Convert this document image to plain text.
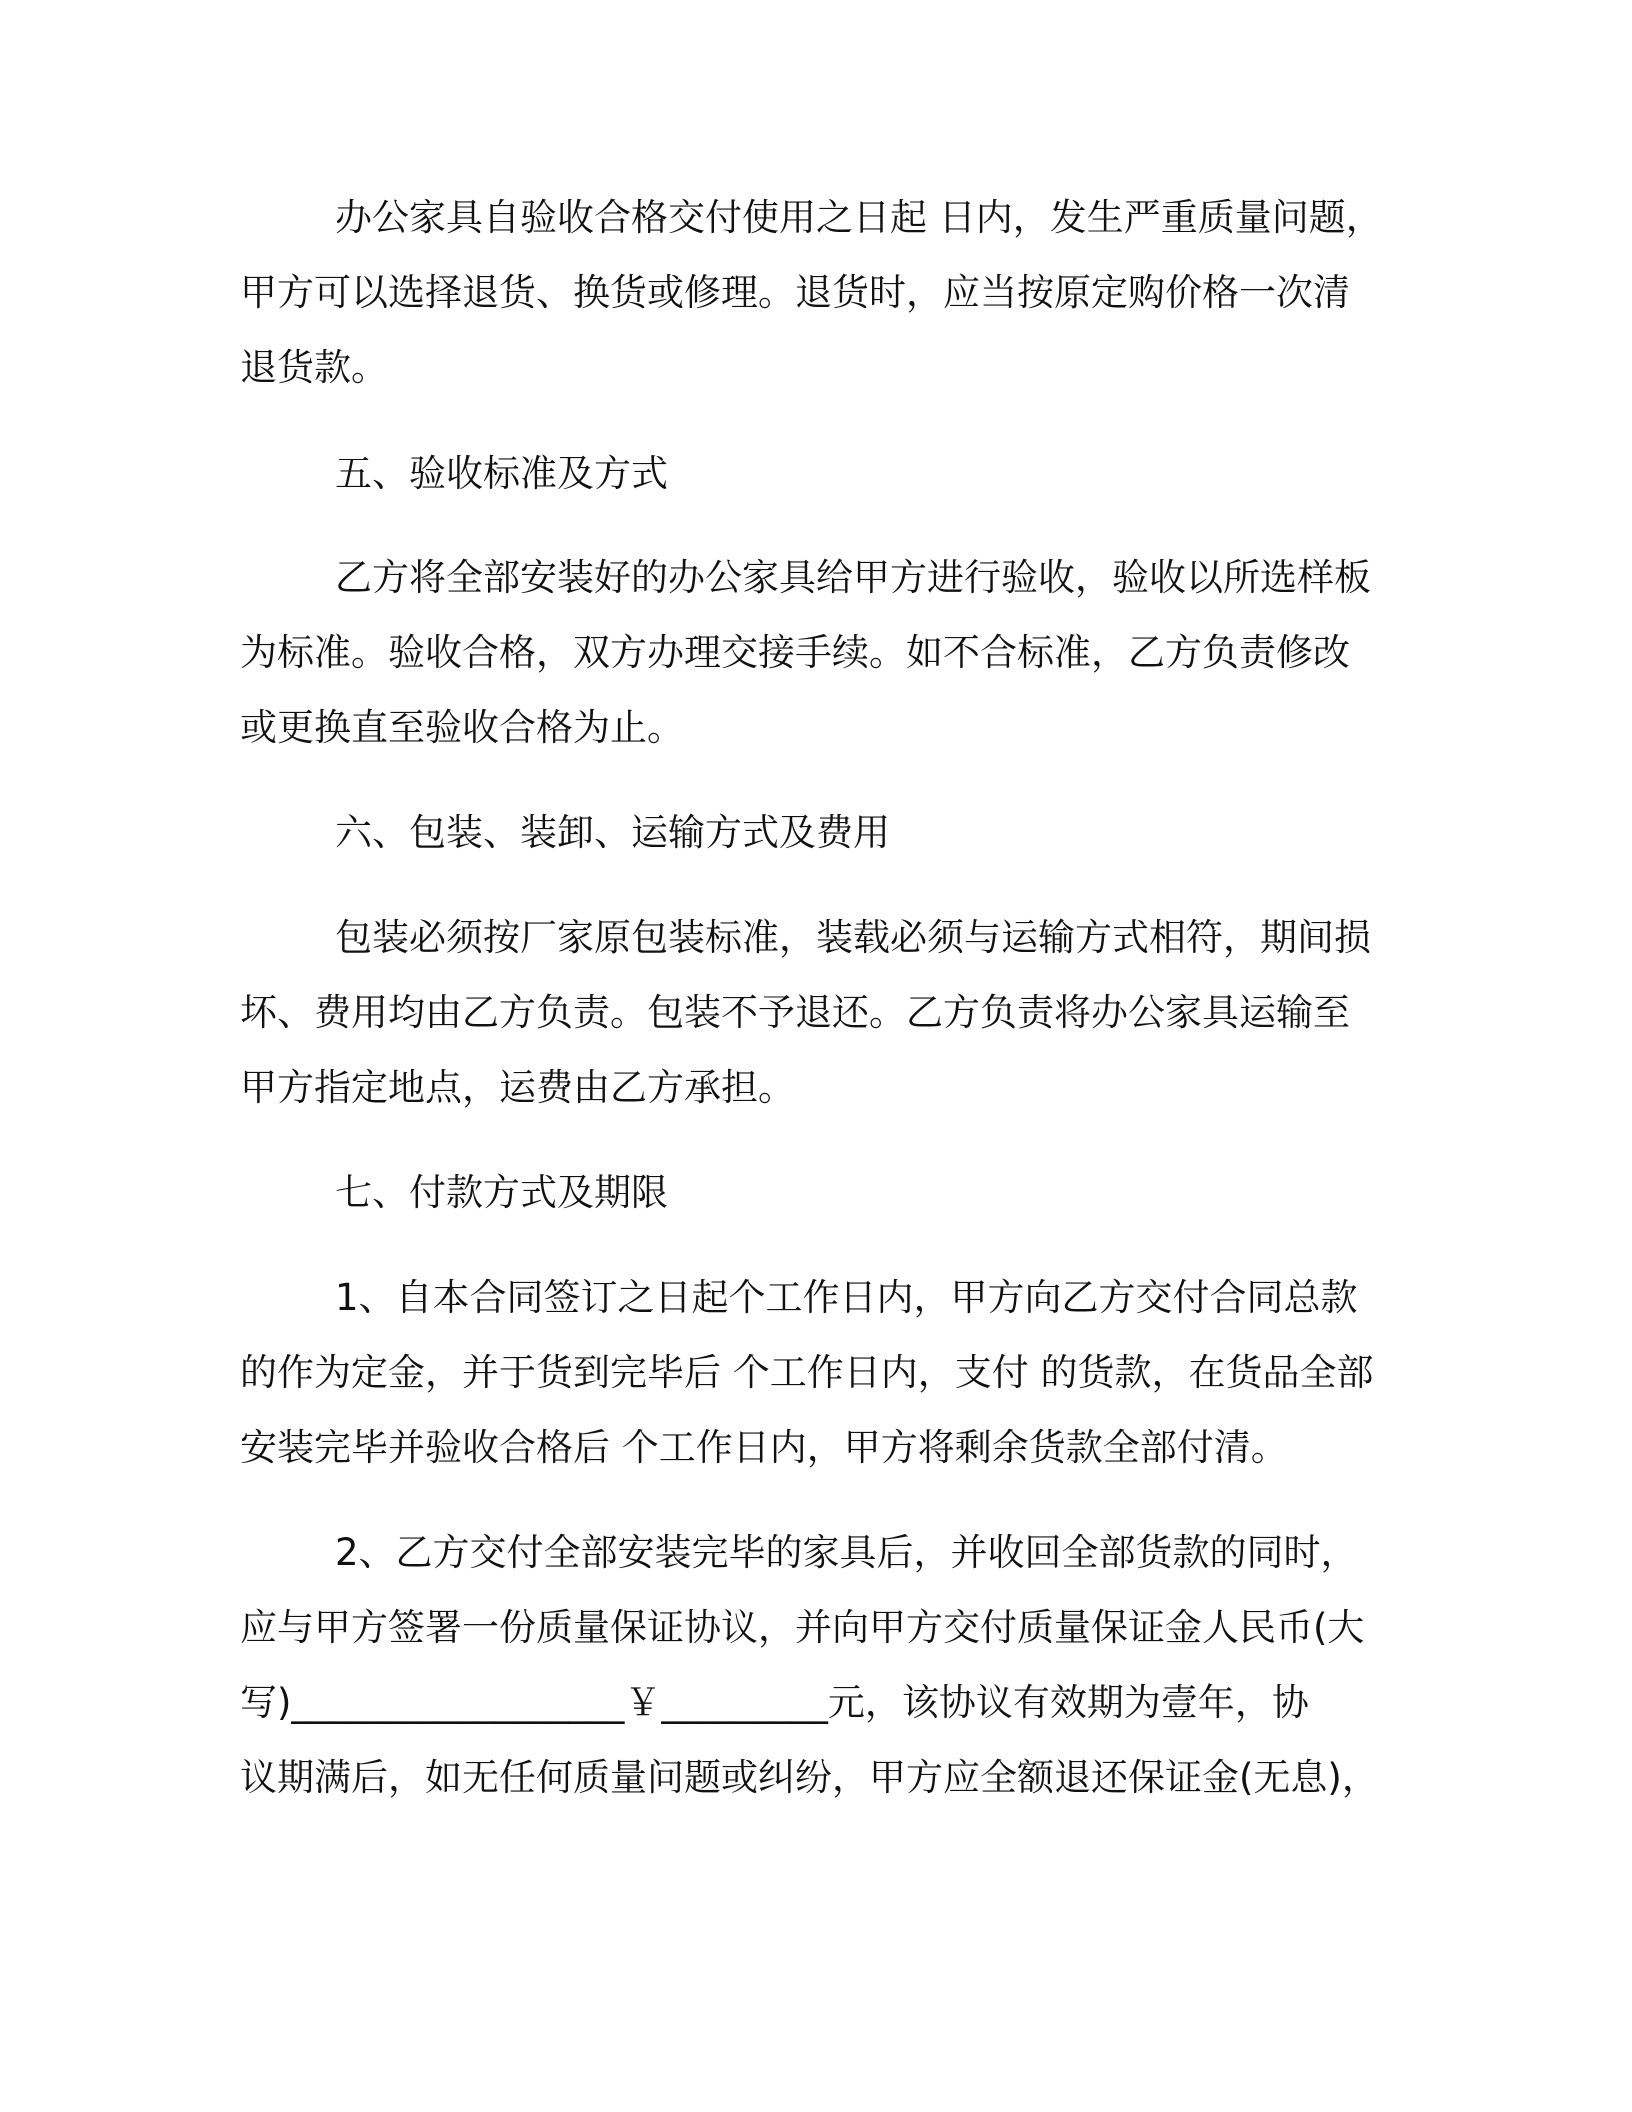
办公家具自验收合格交付使用之日起 日内，发生严重质量问题，

甲方可以选择退货、换货或修理。退货时，应当按原定购价格一次清

退货款。

五、验收标准及方式

乙方将全部安装好的办公家具给甲方进行验收，验收以所选样板

为标准。验收合格，双方办理交接手续。如不合标准，乙方负责修改

或更换直至验收合格为止。

六、包装、装卸、运输方式及费用

包装必须按厂家原包装标准，装载必须与运输方式相符，期间损

坏、费用均由乙方负责。包装不予退还。乙方负责将办公家具运输至

甲方指定地点，运费由乙方承担。

七、付款方式及期限

1、自本合同签订之日起个工作日内，甲方向乙方交付合同总款

的作为定金，并于货到完毕后 个工作日内，支付 的货款，在货品全部

安装完毕并验收合格后 个工作日内，甲方将剩余货款全部付清。

2、乙方交付全部安装完毕的家具后，并收回全部货款的同时，

应与甲方签署一份质量保证协议，并向甲方交付质量保证金人民币(大

写)__________________￥_________元，该协议有效期为壹年，协

议期满后，如无任何质量问题或纠纷，甲方应全额退还保证金(无息)，
